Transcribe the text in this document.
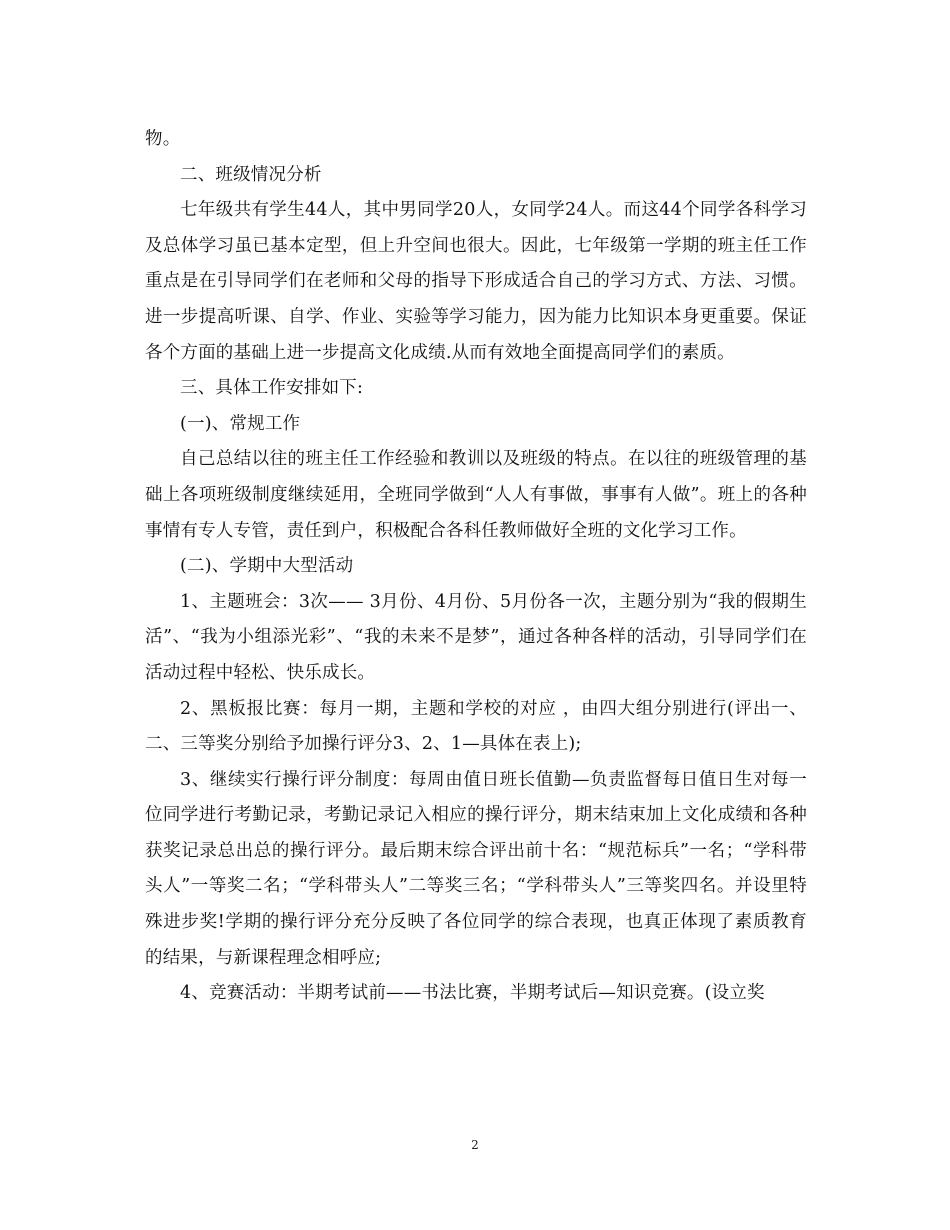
物。

二、班级情况分析

七年级共有学生44人，其中男同学20人，女同学24人。而这44个同学各科学习及总体学习虽已基本定型，但上升空间也很大。因此，七年级第一学期的班主任工作重点是在引导同学们在老师和父母的指导下形成适合自己的学习方式、方法、习惯。进一步提高听课、自学、作业、实验等学习能力，因为能力比知识本身更重要。保证各个方面的基础上进一步提高文化成绩.从而有效地全面提高同学们的素质。

三、具体工作安排如下:

(一)、常规工作

自己总结以往的班主任工作经验和教训以及班级的特点。在以往的班级管理的基础上各项班级制度继续延用，全班同学做到“人人有事做，事事有人做”。班上的各种事情有专人专管，责任到户，积极配合各科任教师做好全班的文化学习工作。

(二)、学期中大型活动

1、主题班会：3次—— 3月份、4月份、5月份各一次，主题分别为“我的假期生活”、“我为小组添光彩”、“我的未来不是梦”，通过各种各样的活动，引导同学们在活动过程中轻松、快乐成长。

2、黑板报比赛：每月一期，主题和学校的对应 ，由四大组分别进行(评出一、二、三等奖分别给予加操行评分3、2、1—具体在表上);

3、继续实行操行评分制度：每周由值日班长值勤—负责监督每日值日生对每一位同学进行考勤记录，考勤记录记入相应的操行评分，期末结束加上文化成绩和各种获奖记录总出总的操行评分。最后期末综合评出前十名：“规范标兵”一名；“学科带头人”一等奖二名；“学科带头人”二等奖三名；“学科带头人”三等奖四名。并设里特殊进步奖!学期的操行评分充分反映了各位同学的综合表现，也真正体现了素质教育的结果，与新课程理念相呼应;

4、竞赛活动：半期考试前——书法比赛，半期考试后—知识竞赛。(设立奖

2
